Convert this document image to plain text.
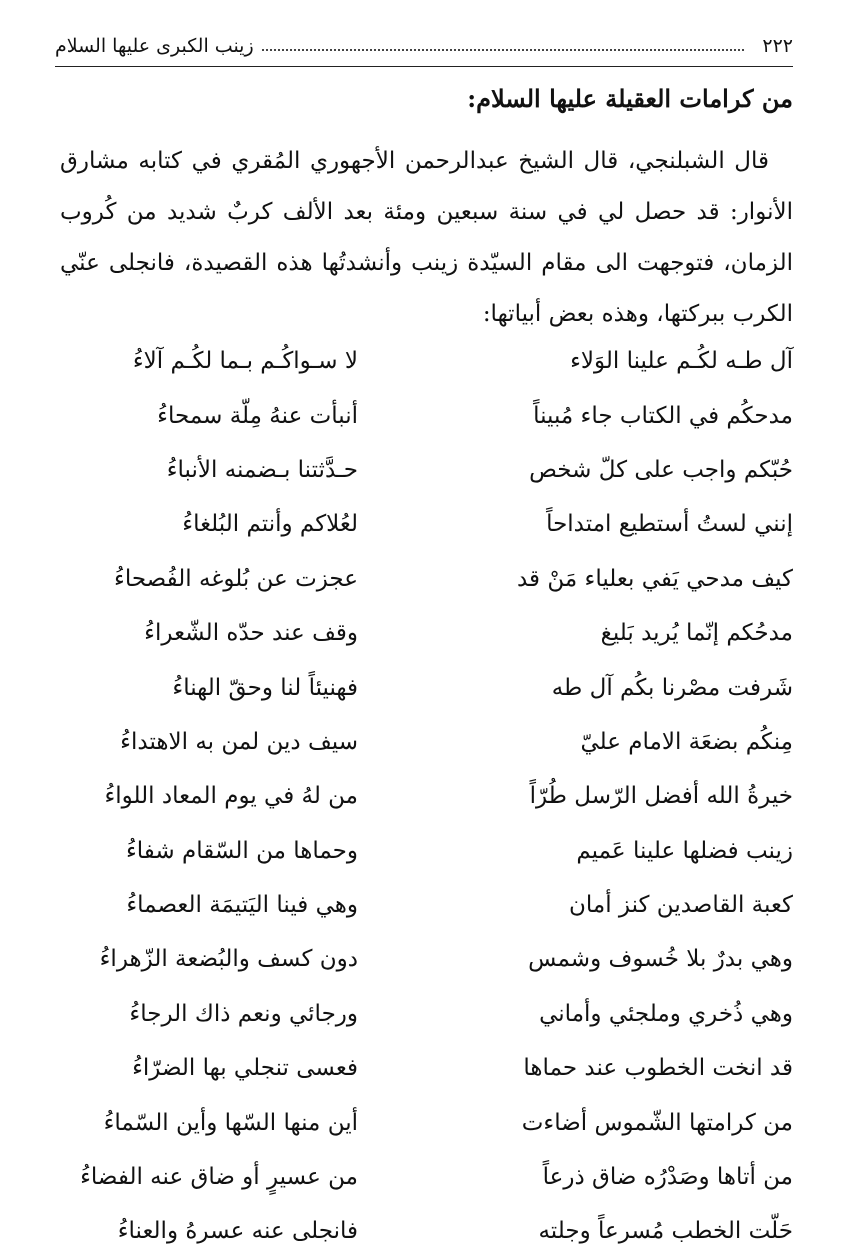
٢٢٢
زينب الكبرى عليها السلام
من كرامات العقيلة عليها السلام:

قال الشبلنجي، قال الشيخ عبدالرحمن الأجهوري المُقري في كتابه مشارق الأنوار: قد حصل لي في سنة سبعين ومئة بعد الألف كربٌ شديد من كُروب الزمان، فتوجهت الى مقام السيّدة زينب وأنشدتُها هذه القصيدة، فانجلى عنّي الكرب ببركتها، وهذه بعض أبياتها:

آل طـه لكُـم علينا الوَلاء
لا سـواكُـم بـما لكُـم آلاءُ
مدحكُم في الكتاب جاء مُبيناً
أنبأت عنهُ مِلّة سمحاءُ
حُبّكم واجب على كلّ شخص
حـدَّثتنا بـضمنه الأنباءُ
إنني لستُ أستطيع امتداحاً
لعُلاكم وأنتم البُلغاءُ
كيف مدحي يَفي بعلياء مَنْ قد
عجزت عن بُلوغه الفُصحاءُ
مدحُكم إنّما يُريد بَليغ
وقف عند حدّه الشّعراءُ
شَرفت مصْرنا بكُم آل طه
فهنيئاً لنا وحقّ الهناءُ
مِنكُم بضعَة الامام عليّ
سيف دين لمن به الاهتداءُ
خيرةُ الله أفضل الرّسل طُرّاً
من لهُ في يوم المعاد اللواءُ
زينب فضلها علينا عَميم
وحماها من السّقام شفاءُ
كعبة القاصدين كنز أمان
وهي فينا اليَتيمَة العصماءُ
وهي بدرٌ بلا خُسوف وشمس
دون كسف والبُضعة الزّهراءُ
وهي ذُخري وملجئي وأماني
ورجائي ونعم ذاك الرجاءُ
قد انخت الخطوب عند حماها
فعسى تنجلي بها الضرّاءُ
من كرامتها الشّموس أضاءت
أين منها السّها وأين السّماءُ
من أتاها وصَدْرُه ضاق ذرعاً
من عسيرٍ أو ضاق عنه الفضاءُ
حَلّت الخطب مُسرعاً وجلته
فانجلى عنه عسرهُ والعناءُ
